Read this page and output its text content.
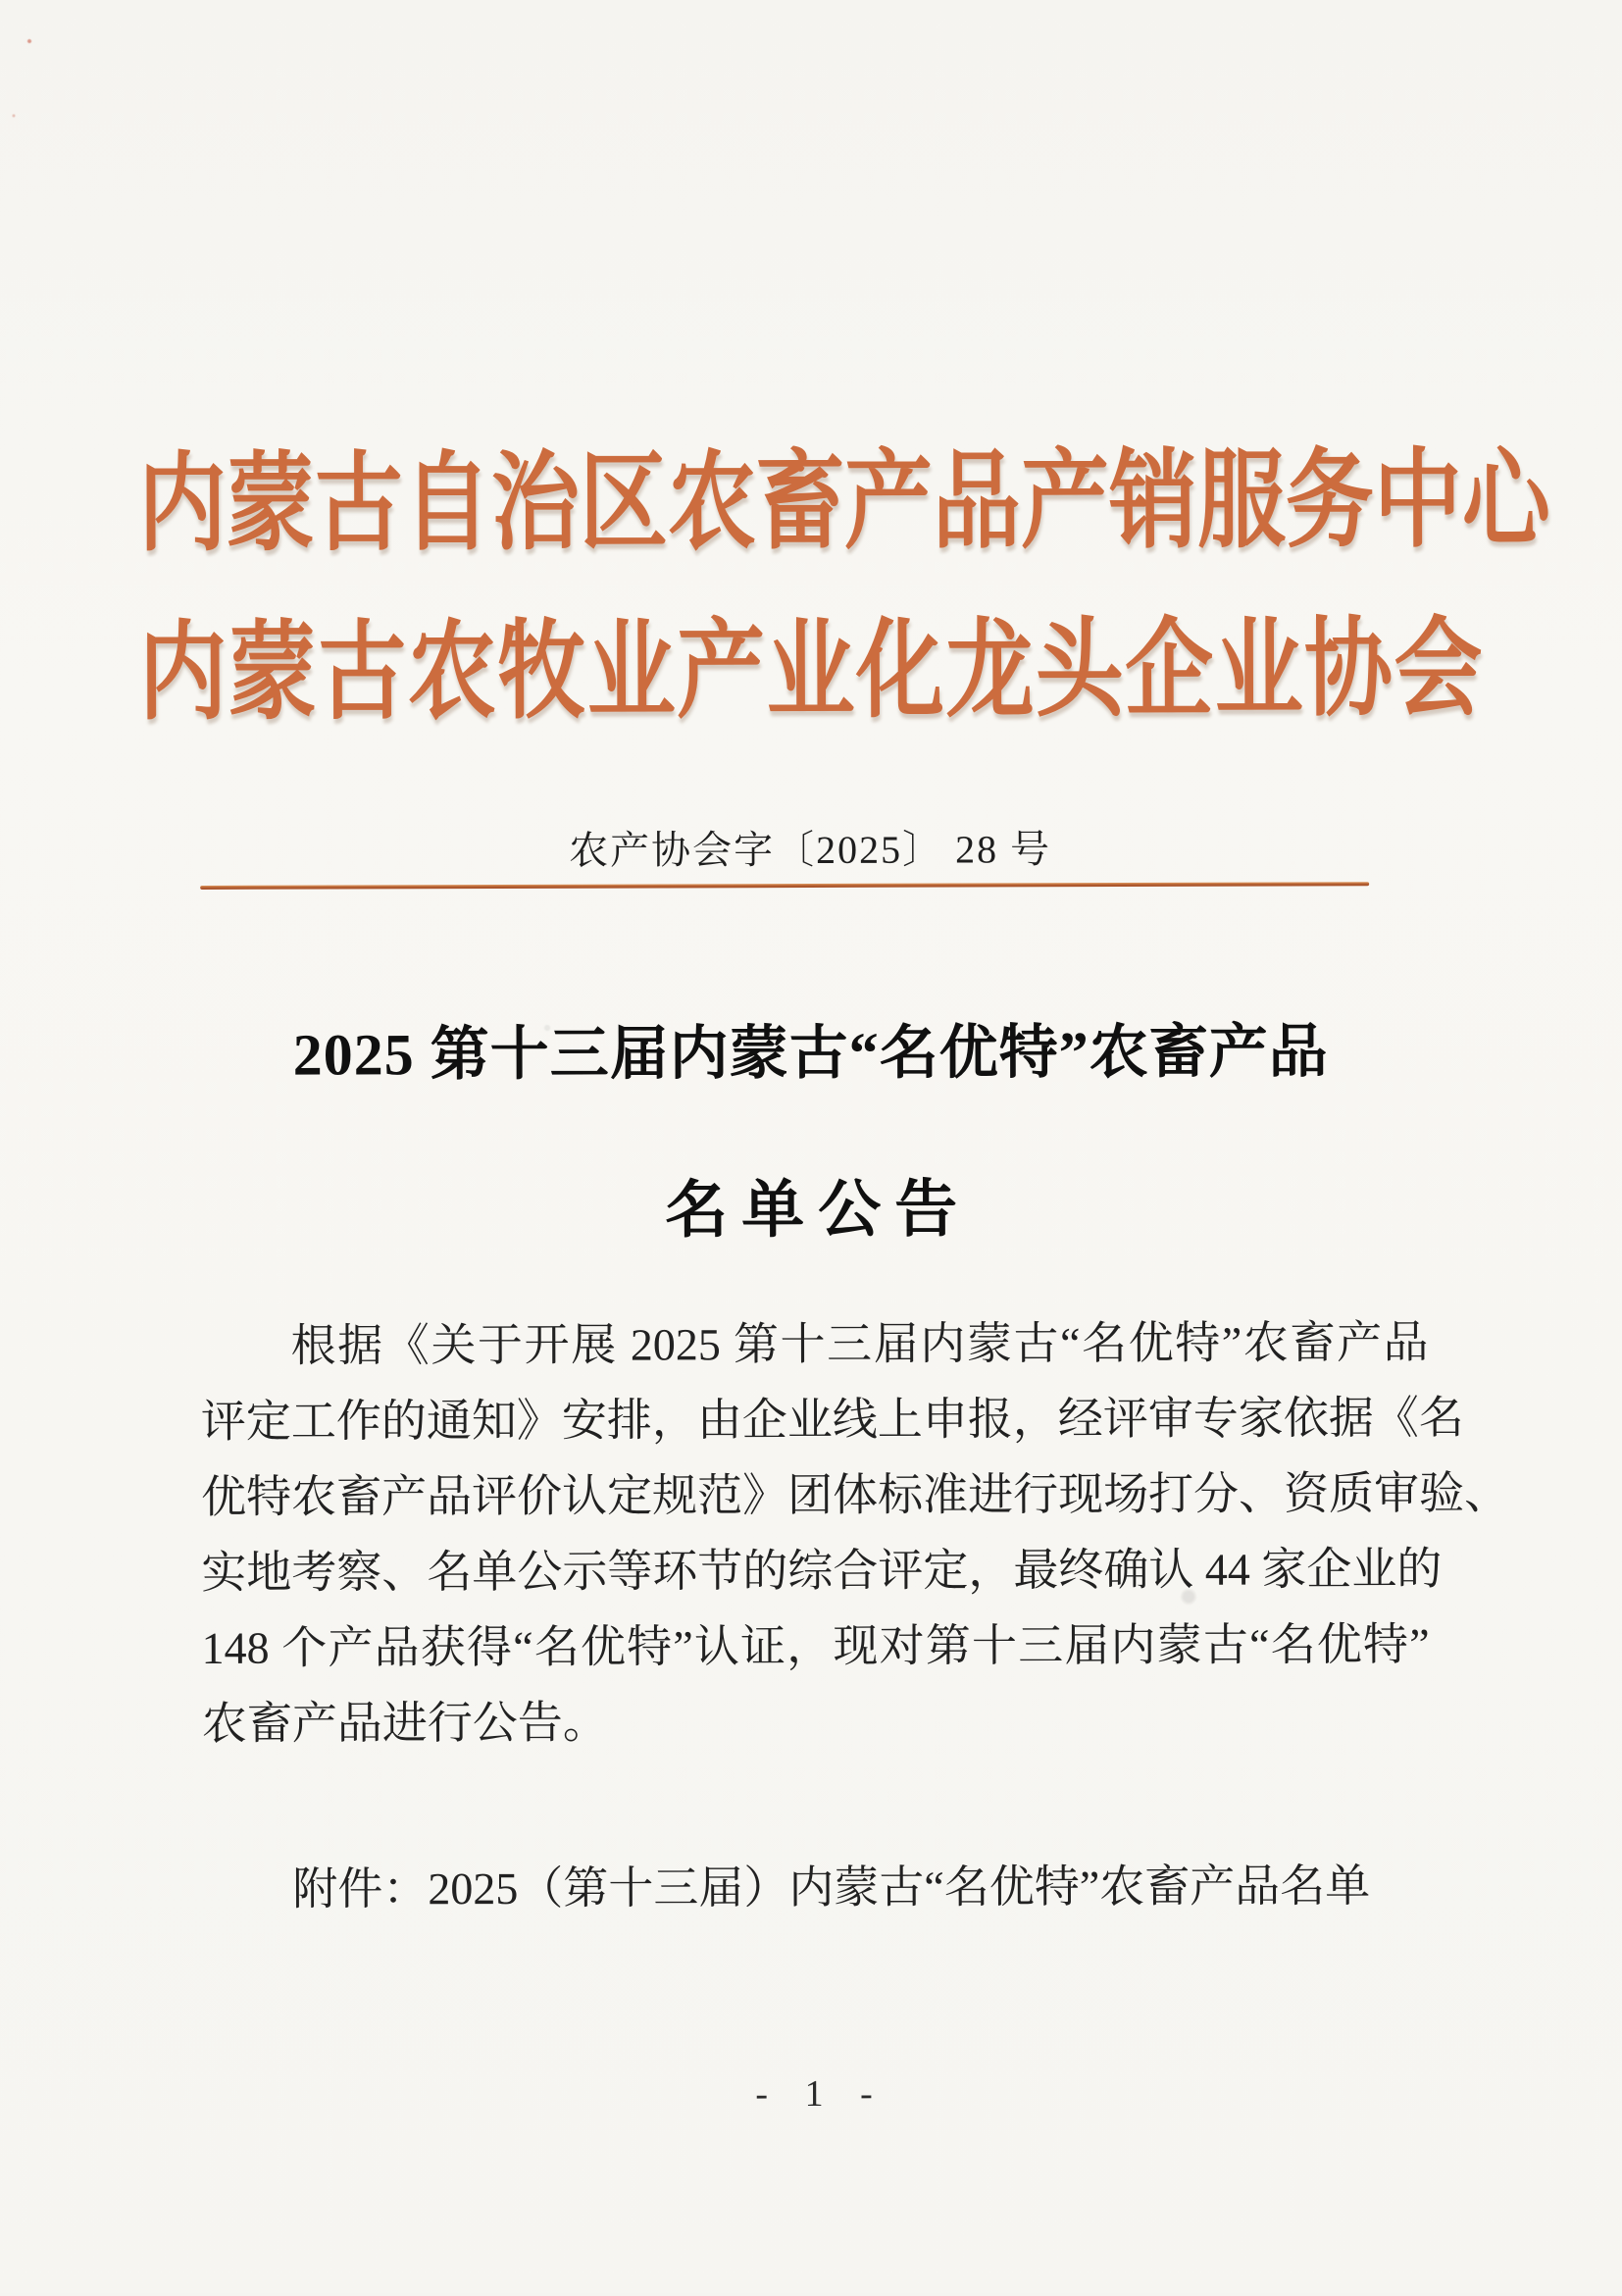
内蒙古自治区农畜产品产销服务中心
内蒙古农牧业产业化龙头企业协会
农产协会字〔2025〕 28 号
2025 第十三届内蒙古“名优特”农畜产品
名单公告
根据《关于开展 2025 第十三届内蒙古“名优特”农畜产品
评定工作的通知》安排，由企业线上申报，经评审专家依据《名
优特农畜产品评价认定规范》团体标准进行现场打分、资质审验、
实地考察、名单公示等环节的综合评定，最终确认 44 家企业的
148 个产品获得“名优特”认证，现对第十三届内蒙古“名优特”
农畜产品进行公告。
附件：2025（第十三届）内蒙古“名优特”农畜产品名单
- 1 -
